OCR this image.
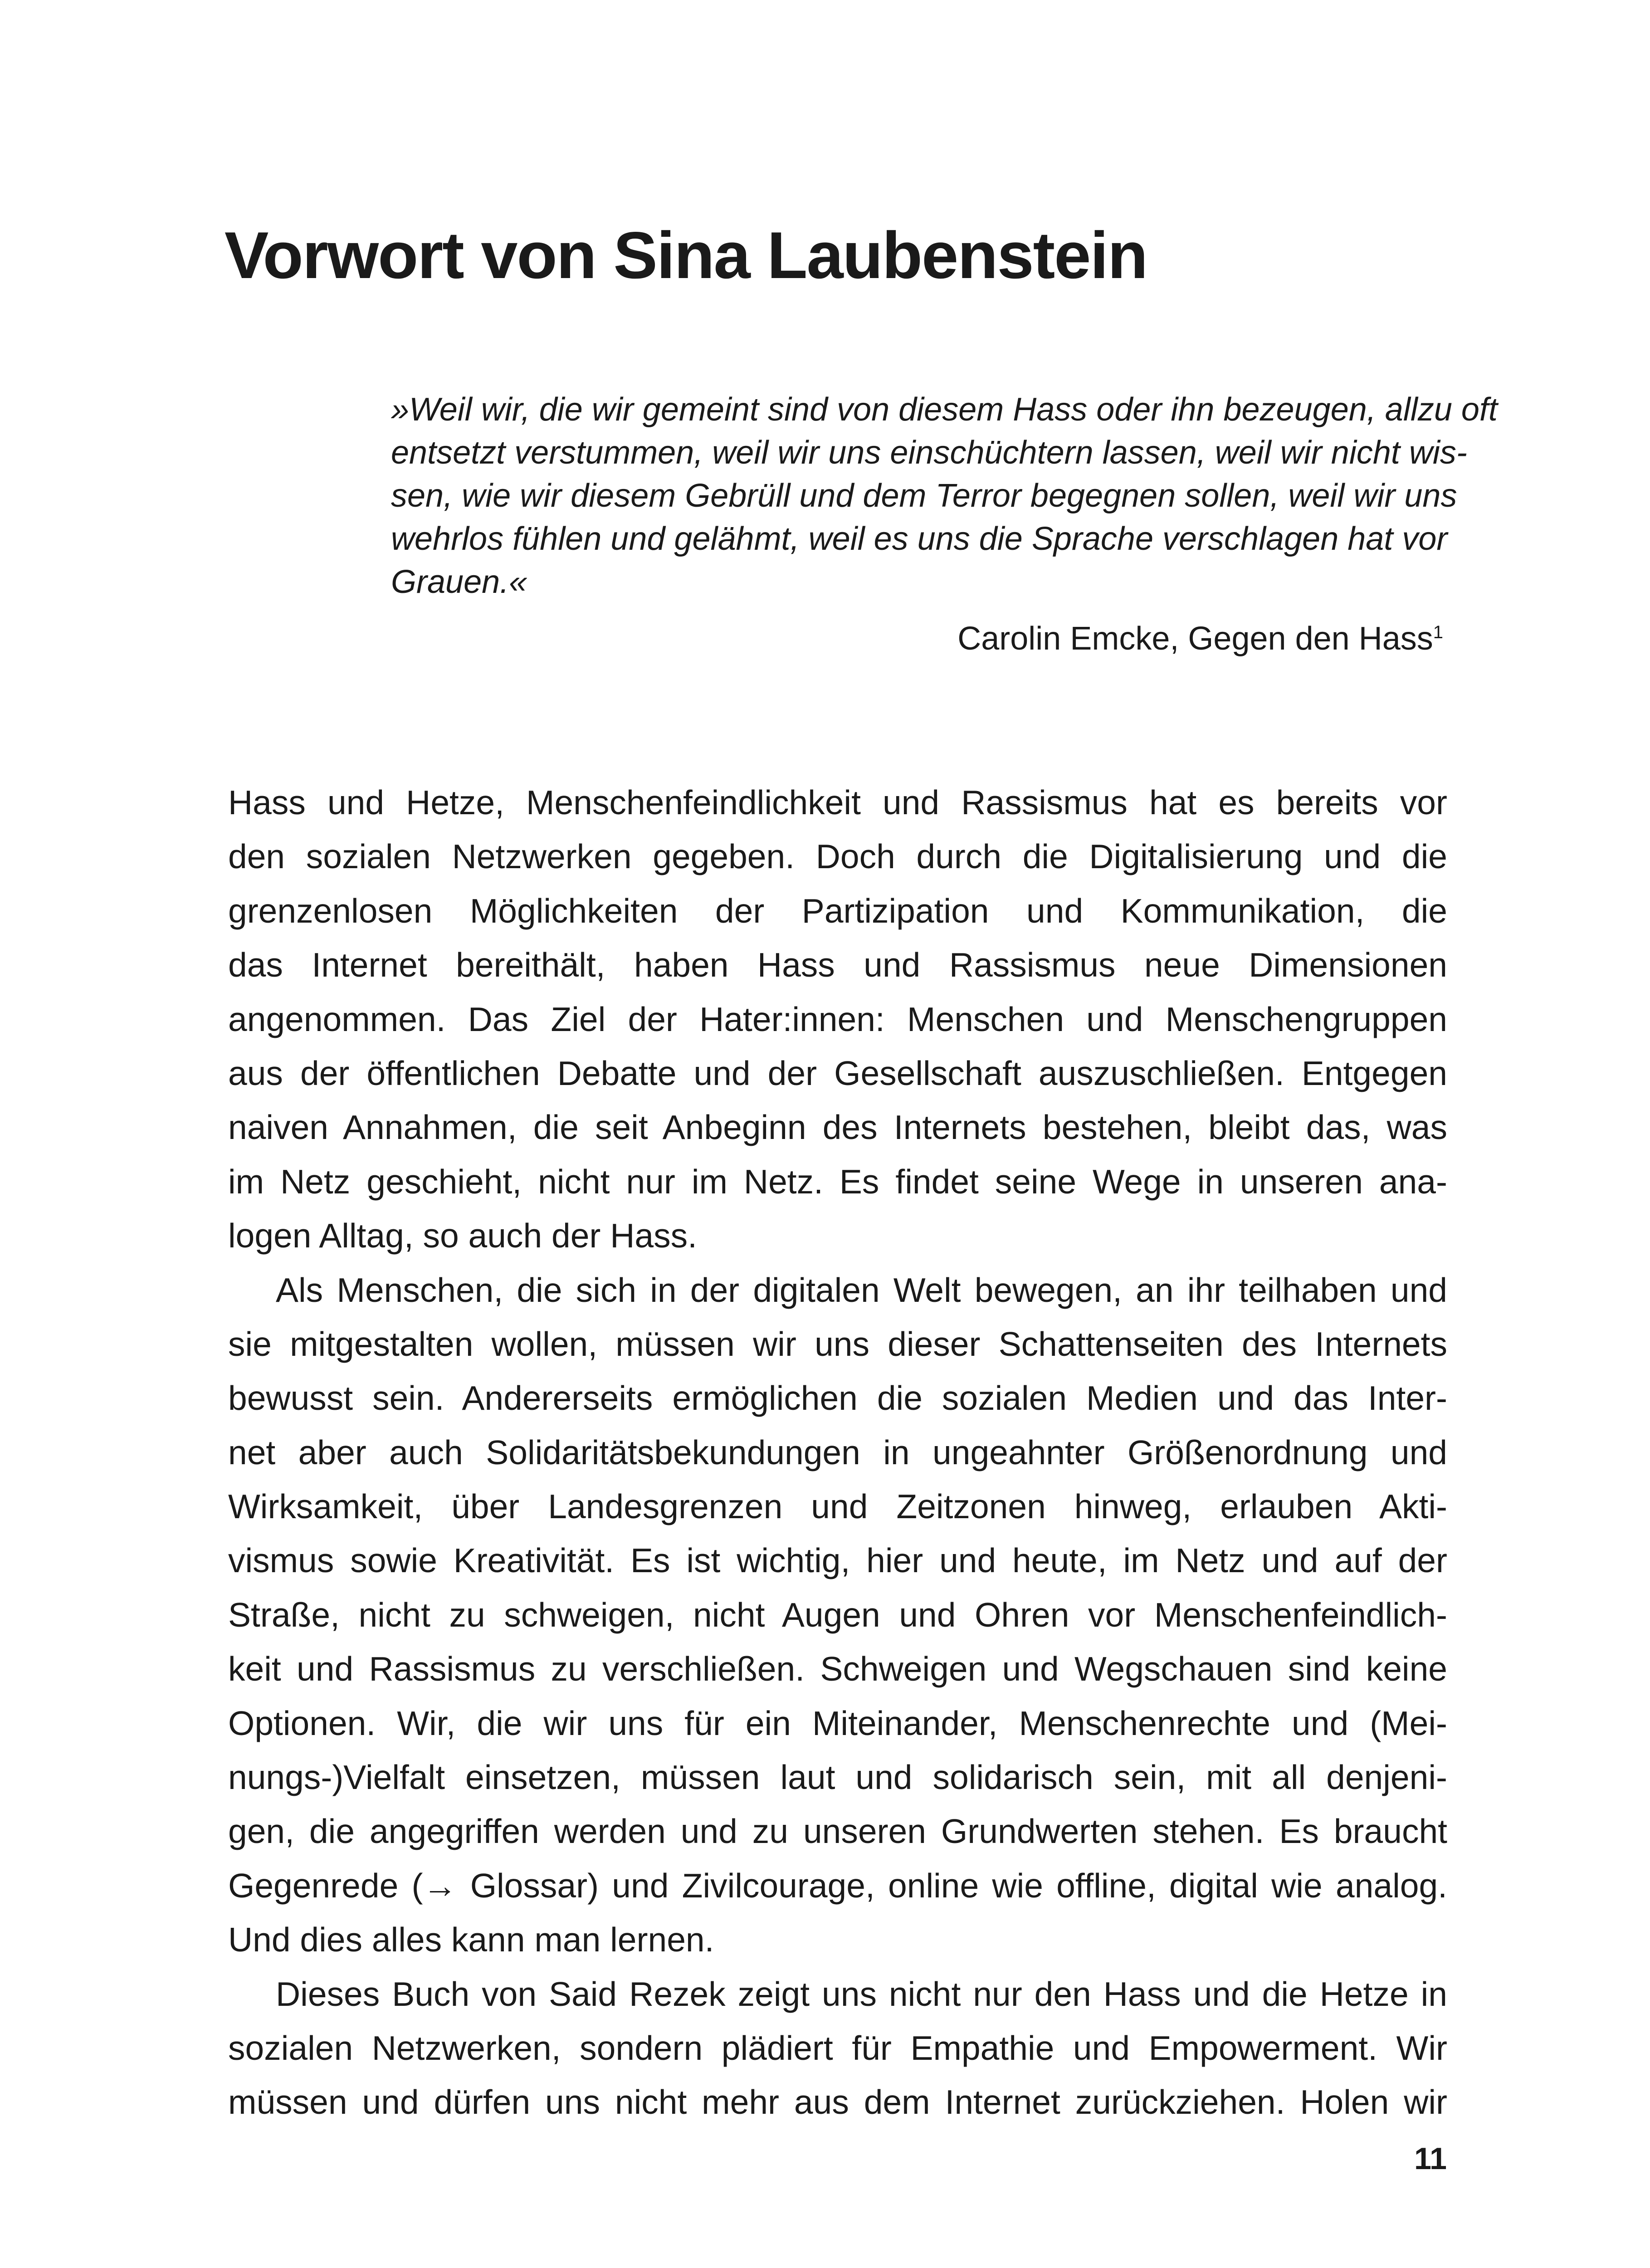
Vorwort von Sina Laubenstein
»Weil wir, die wir gemeint sind von diesem Hass oder ihn bezeugen, allzu oft
entsetzt verstummen, weil wir uns einschüchtern lassen, weil wir nicht wis-
sen, wie wir diesem Gebrüll und dem Terror begegnen sollen, weil wir uns
wehrlos fühlen und gelähmt, weil es uns die Sprache verschlagen hat vor
Grauen.«
Carolin Emcke, Gegen den Hass$^1$
Hass und Hetze, Menschenfeindlichkeit und Rassismus hat es bereits vor
den sozialen Netzwerken gegeben. Doch durch die Digitalisierung und die
grenzenlosen Möglichkeiten der Partizipation und Kommunikation, die
das Internet bereithält, haben Hass und Rassismus neue Dimensionen
angenommen. Das Ziel der Hater:innen: Menschen und Menschengruppen
aus der öffentlichen Debatte und der Gesellschaft auszuschließen. Entgegen
naiven Annahmen, die seit Anbeginn des Internets bestehen, bleibt das, was
im Netz geschieht, nicht nur im Netz. Es findet seine Wege in unseren ana-
logen Alltag, so auch der Hass.
Als Menschen, die sich in der digitalen Welt bewegen, an ihr teilhaben und
sie mitgestalten wollen, müssen wir uns dieser Schattenseiten des Internets
bewusst sein. Andererseits ermöglichen die sozialen Medien und das Inter-
net aber auch Solidaritätsbekundungen in ungeahnter Größenordnung und
Wirksamkeit, über Landesgrenzen und Zeitzonen hinweg, erlauben Akti-
vismus sowie Kreativität. Es ist wichtig, hier und heute, im Netz und auf der
Straße, nicht zu schweigen, nicht Augen und Ohren vor Menschenfeindlich-
keit und Rassismus zu verschließen. Schweigen und Wegschauen sind keine
Optionen. Wir, die wir uns für ein Miteinander, Menschenrechte und (Mei-
nungs-)Vielfalt einsetzen, müssen laut und solidarisch sein, mit all denjeni-
gen, die angegriffen werden und zu unseren Grundwerten stehen. Es braucht
Gegenrede (→ Glossar) und Zivilcourage, online wie offline, digital wie analog.
Und dies alles kann man lernen.
Dieses Buch von Said Rezek zeigt uns nicht nur den Hass und die Hetze in
sozialen Netzwerken, sondern plädiert für Empathie und Empowerment. Wir
müssen und dürfen uns nicht mehr aus dem Internet zurückziehen. Holen wir
11
